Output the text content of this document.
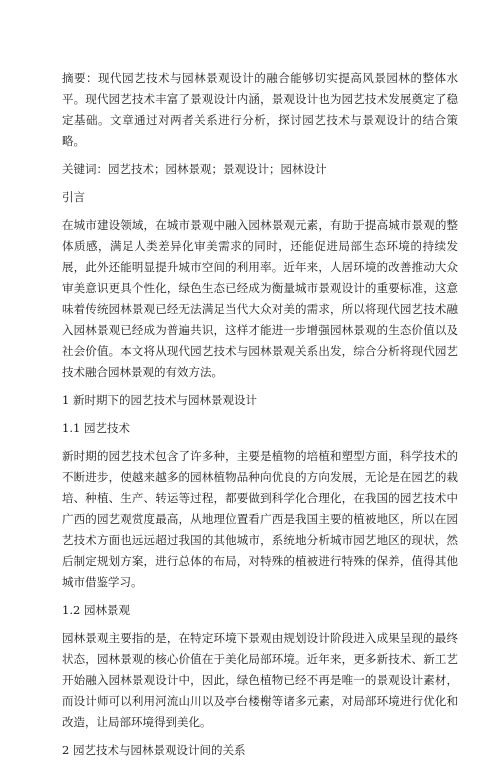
摘要：现代园艺技术与园林景观设计的融合能够切实提高风景园林的整体水平。现代园艺技术丰富了景观设计内涵，景观设计也为园艺技术发展奠定了稳定基础。文章通过对两者关系进行分析，探讨园艺技术与景观设计的结合策略。

关键词：园艺技术；园林景观；景观设计；园林设计

引言

在城市建设领域，在城市景观中融入园林景观元素，有助于提高城市景观的整体质感，满足人类差异化审美需求的同时，还能促进局部生态环境的持续发展，此外还能明显提升城市空间的利用率。近年来，人居环境的改善推动大众审美意识更具个性化，绿色生态已经成为衡量城市景观设计的重要标准，这意味着传统园林景观已经无法满足当代大众对美的需求，所以将现代园艺技术融入园林景观已经成为普遍共识，这样才能进一步增强园林景观的生态价值以及社会价值。本文将从现代园艺技术与园林景观关系出发，综合分析将现代园艺技术融合园林景观的有效方法。

1 新时期下的园艺技术与园林景观设计

1.1 园艺技术

新时期的园艺技术包含了许多种，主要是植物的培植和塑型方面，科学技术的不断进步，使越来越多的园林植物品种向优良的方向发展，无论是在园艺的栽培、种植、生产、转运等过程，都要做到科学化合理化，在我国的园艺技术中广西的园艺观赏度最高，从地理位置看广西是我国主要的植被地区，所以在园艺技术方面也远远超过我国的其他城市，系统地分析城市园艺地区的现状，然后制定规划方案，进行总体的布局，对特殊的植被进行特殊的保养，值得其他城市借鉴学习。

1.2 园林景观

园林景观主要指的是，在特定环境下景观由规划设计阶段进入成果呈现的最终状态，园林景观的核心价值在于美化局部环境。近年来，更多新技术、新工艺开始融入园林景观设计中，因此，绿色植物已经不再是唯一的景观设计素材，而设计师可以利用河流山川以及亭台楼榭等诸多元素，对局部环境进行优化和改造，让局部环境得到美化。

2 园艺技术与园林景观设计间的关系
